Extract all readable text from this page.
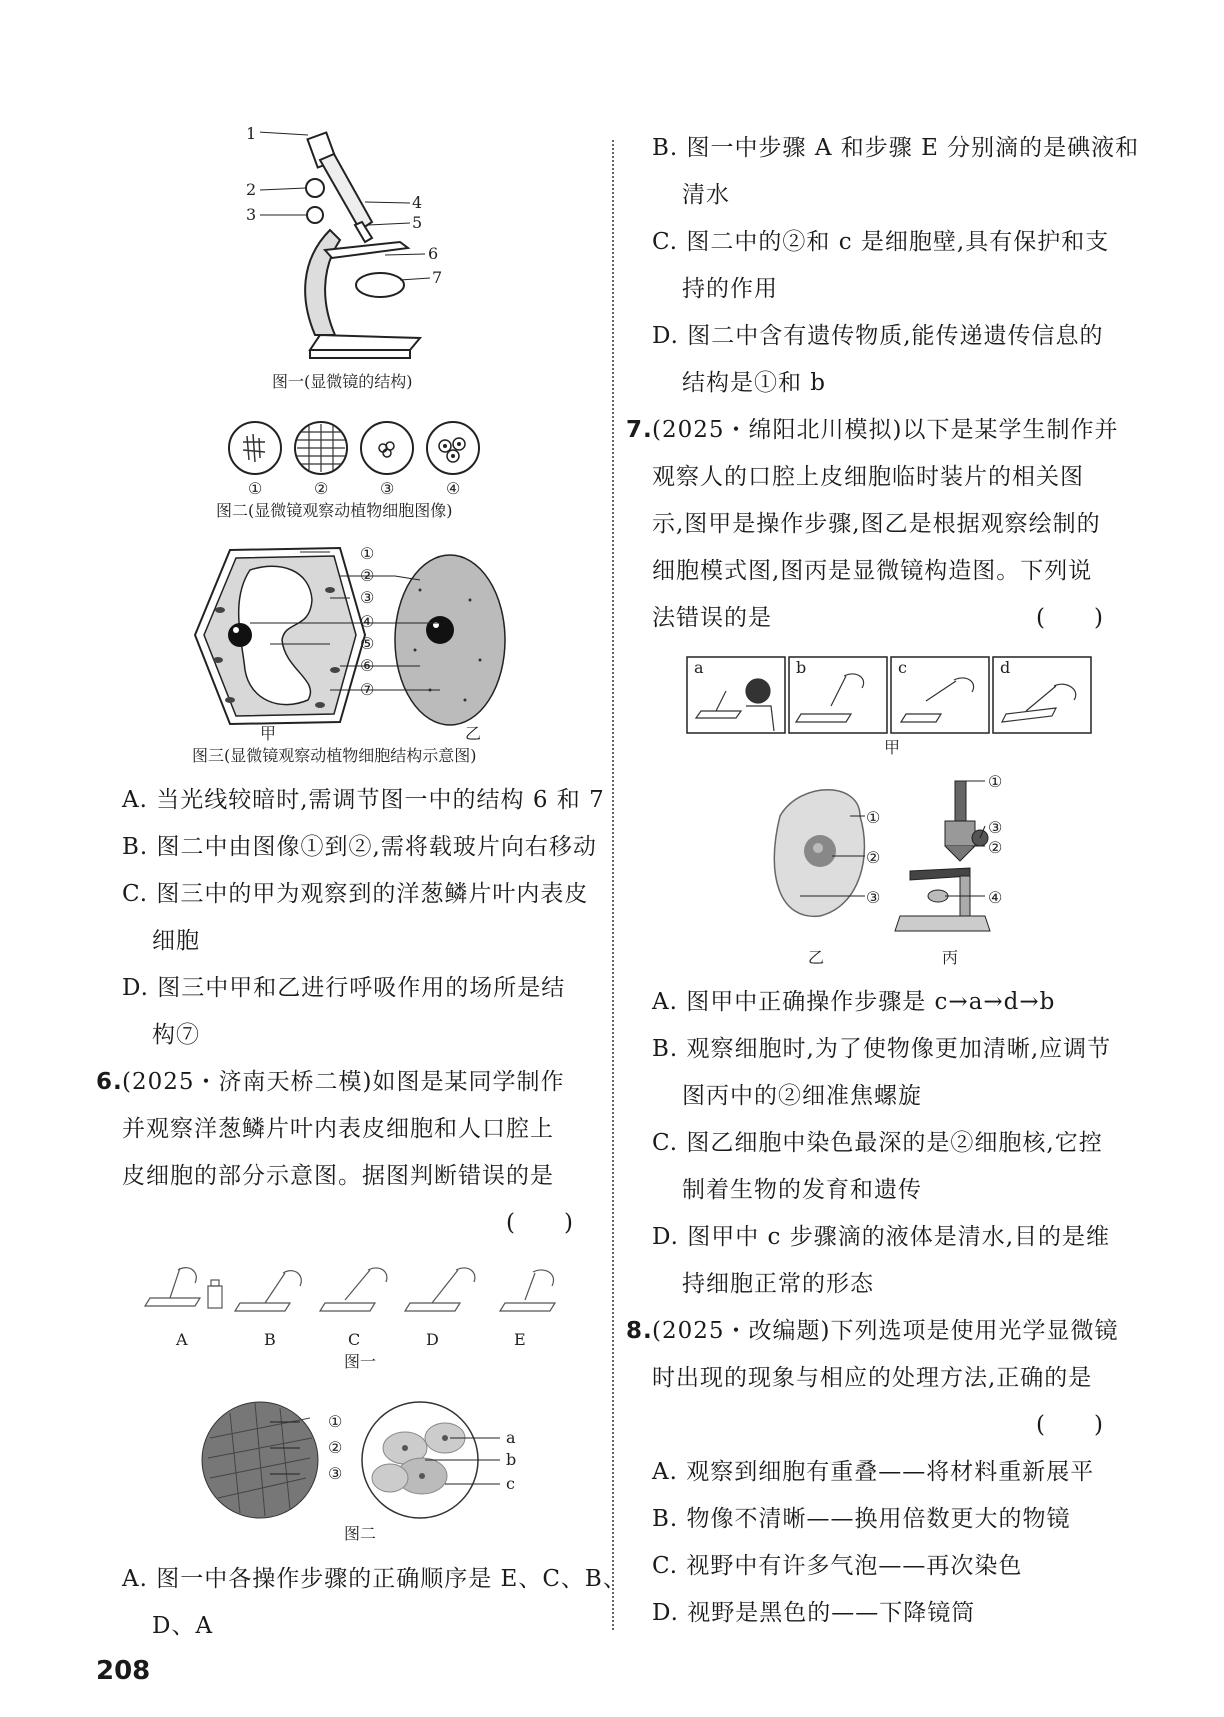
1
2
3
4
5
6
7
图一(显微镜的结构)
①	②	③	④
图二(显微镜观察动植物细胞图像)
①
②
③
④
⑤
⑥
⑦
甲	乙
图三(显微镜观察动植物细胞结构示意图)
A. 当光线较暗时,需调节图一中的结构 6 和 7
B. 图二中由图像①到②,需将载玻片向右移动
C. 图三中的甲为观察到的洋葱鳞片叶内表皮
细胞
D. 图三中甲和乙进行呼吸作用的场所是结
构⑦
6. (2025・济南天桥二模)如图是某同学制作
并观察洋葱鳞片叶内表皮细胞和人口腔上
皮细胞的部分示意图。据图判断错误的是
(　　)
A	B	C	D	E
图一
①
②
③
a
b
c
图二
A. 图一中各操作步骤的正确顺序是 E、C、B、
D、A
B. 图一中步骤 A 和步骤 E 分别滴的是碘液和
清水
C. 图二中的②和 c 是细胞壁,具有保护和支
持的作用
D. 图二中含有遗传物质,能传递遗传信息的
结构是①和 b
7. (2025・绵阳北川模拟)以下是某学生制作并
观察人的口腔上皮细胞临时装片的相关图
示,图甲是操作步骤,图乙是根据观察绘制的
细胞模式图,图丙是显微镜构造图。下列说
法错误的是	(　　)
a	b	c	d
甲
①
②
③
①
③
②
④
乙	丙
A. 图甲中正确操作步骤是 c→a→d→b
B. 观察细胞时,为了使物像更加清晰,应调节
图丙中的②细准焦螺旋
C. 图乙细胞中染色最深的是②细胞核,它控
制着生物的发育和遗传
D. 图甲中 c 步骤滴的液体是清水,目的是维
持细胞正常的形态
8. (2025・改编题)下列选项是使用光学显微镜
时出现的现象与相应的处理方法,正确的是
(　　)
A. 观察到细胞有重叠——将材料重新展平
B. 物像不清晰——换用倍数更大的物镜
C. 视野中有许多气泡——再次染色
D. 视野是黑色的——下降镜筒
208
